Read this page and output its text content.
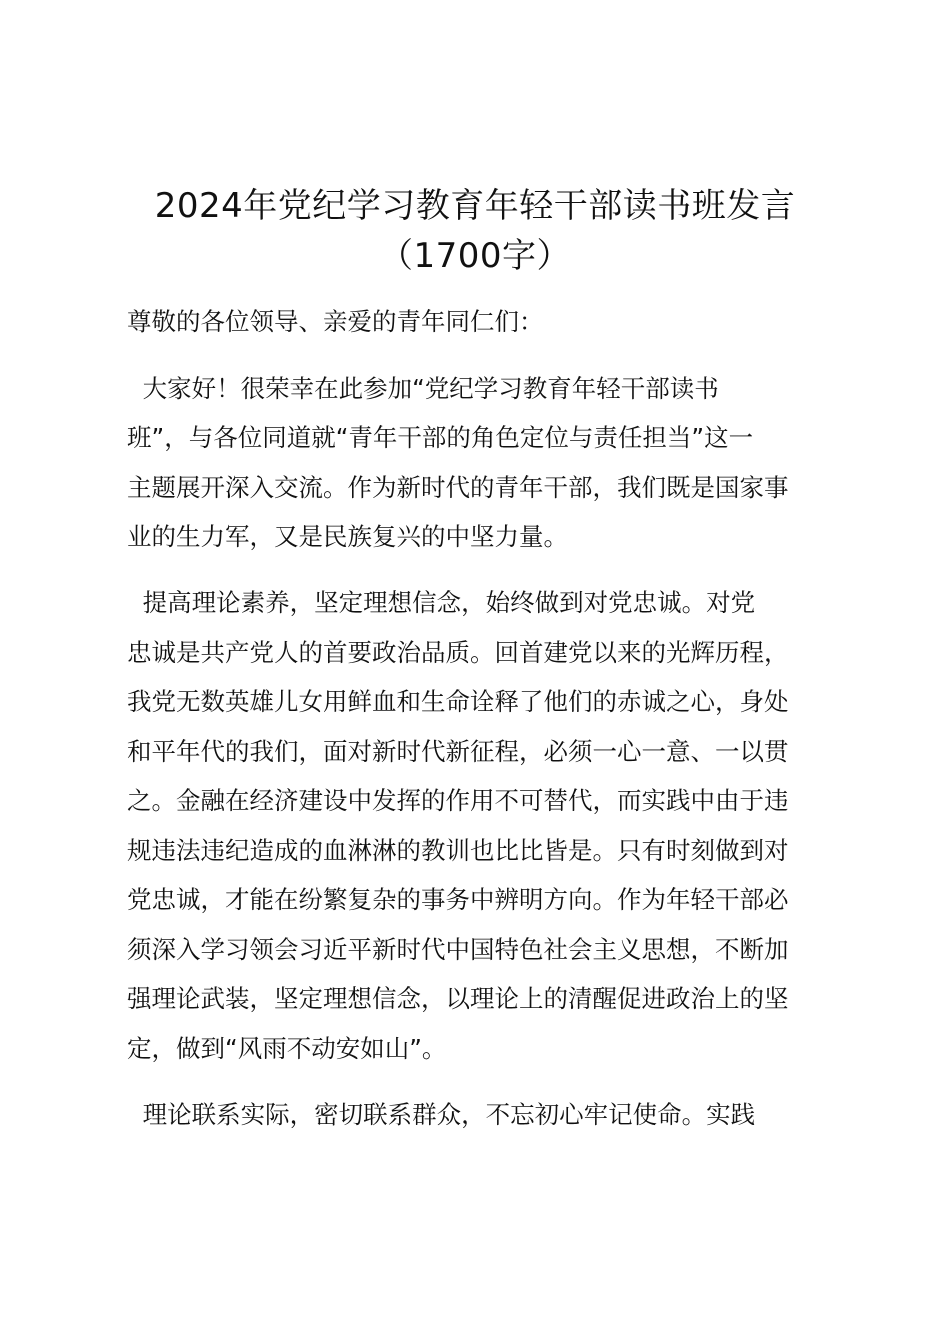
2024年党纪学习教育年轻干部读书班发言
（1700字）
尊敬的各位领导、亲爱的青年同仁们：
大家好！很荣幸在此参加“党纪学习教育年轻干部读书
班”，与各位同道就“青年干部的角色定位与责任担当”这一
主题展开深入交流。作为新时代的青年干部，我们既是国家事
业的生力军，又是民族复兴的中坚力量。
提高理论素养，坚定理想信念，始终做到对党忠诚。对党
忠诚是共产党人的首要政治品质。回首建党以来的光辉历程，
我党无数英雄儿女用鲜血和生命诠释了他们的赤诚之心，身处
和平年代的我们，面对新时代新征程，必须一心一意、一以贯
之。金融在经济建设中发挥的作用不可替代，而实践中由于违
规违法违纪造成的血淋淋的教训也比比皆是。只有时刻做到对
党忠诚，才能在纷繁复杂的事务中辨明方向。作为年轻干部必
须深入学习领会习近平新时代中国特色社会主义思想，不断加
强理论武装，坚定理想信念，以理论上的清醒促进政治上的坚
定，做到“风雨不动安如山”。
理论联系实际，密切联系群众，不忘初心牢记使命。实践
